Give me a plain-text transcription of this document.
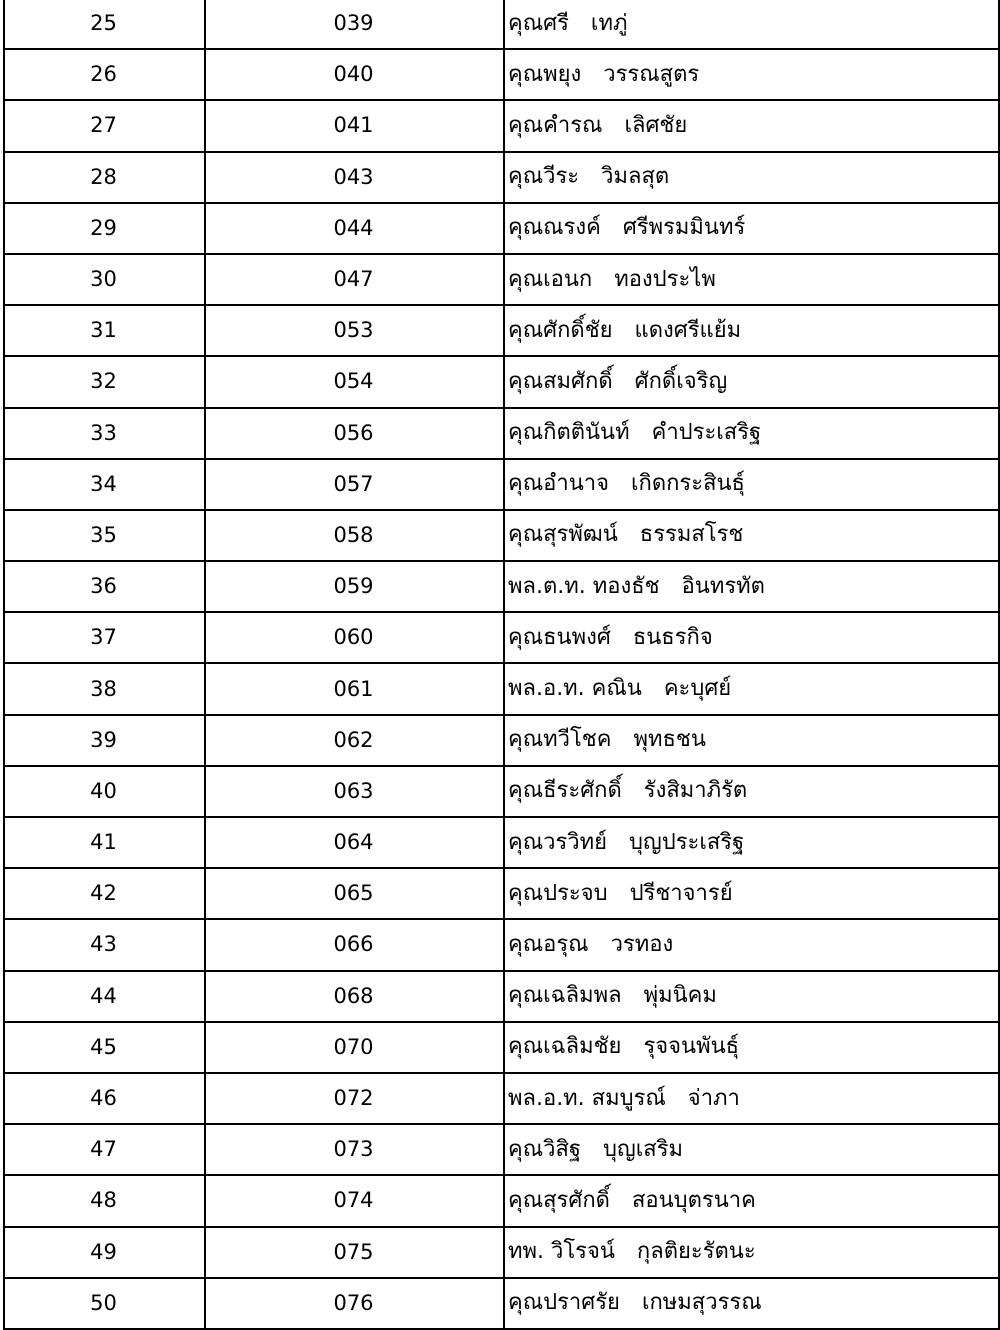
25	039	คุณศรี เทภู่
26	040	คุณพยุง วรรณสูตร
27	041	คุณคำรณ เลิศชัย
28	043	คุณวีระ วิมลสุต
29	044	คุณณรงค์ ศรีพรมมินทร์
30	047	คุณเอนก ทองประไพ
31	053	คุณศักดิ์ชัย แดงศรีแย้ม
32	054	คุณสมศักดิ์ ศักดิ์เจริญ
33	056	คุณกิตตินันท์ คำประเสริฐ
34	057	คุณอำนาจ เกิดกระสินธุ์
35	058	คุณสุรพัฒน์ ธรรมสโรช
36	059	พล.ต.ท. ทองธัช อินทรทัต
37	060	คุณธนพงศ์ ธนธรกิจ
38	061	พล.อ.ท. คณิน คะบุศย์
39	062	คุณทวีโชค พุทธชน
40	063	คุณธีระศักดิ์ รังสิมาภิรัต
41	064	คุณวรวิทย์ บุญประเสริฐ
42	065	คุณประจบ ปรีชาจารย์
43	066	คุณอรุณ วรทอง
44	068	คุณเฉลิมพล พุ่มนิคม
45	070	คุณเฉลิมชัย รุจจนพันธุ์
46	072	พล.อ.ท. สมบูรณ์ จ่าภา
47	073	คุณวิสิฐ บุญเสริม
48	074	คุณสุรศักดิ์ สอนบุตรนาค
49	075	ทพ. วิโรจน์ กุลติยะรัตนะ
50	076	คุณปราศรัย เกษมสุวรรณ
